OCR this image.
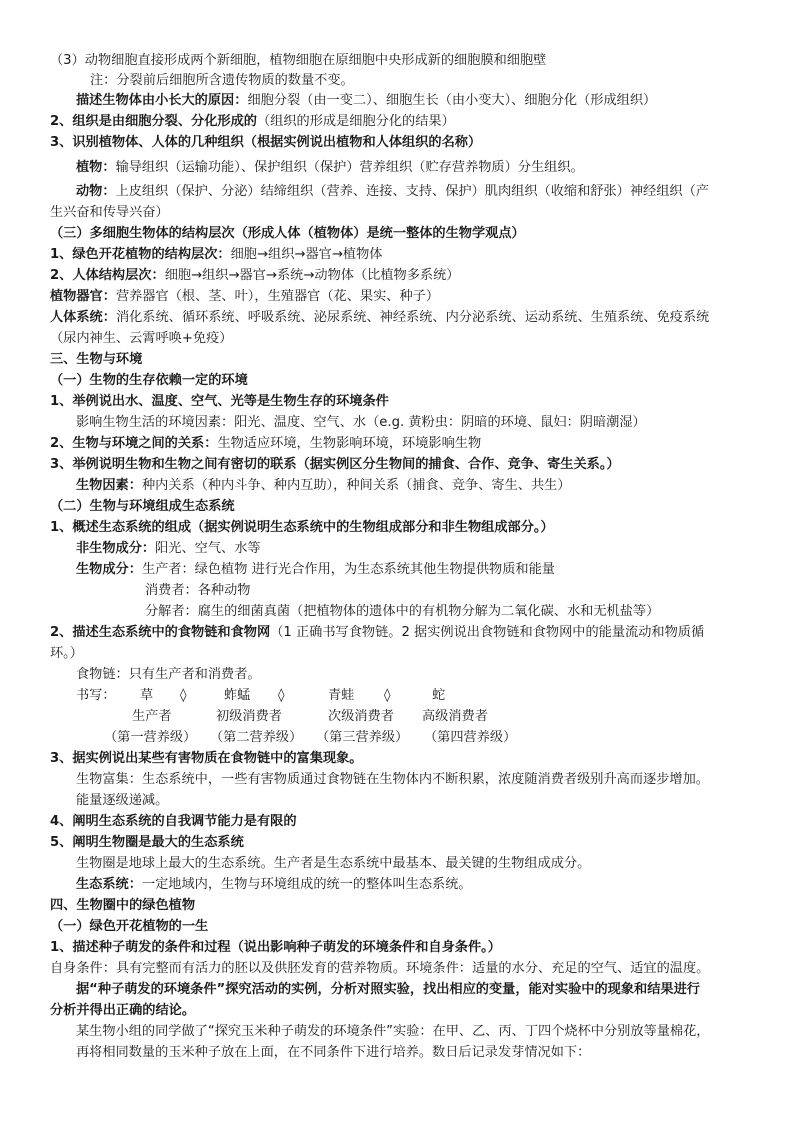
（3）动物细胞直接形成两个新细胞，植物细胞在原细胞中央形成新的细胞膜和细胞壁
注：分裂前后细胞所含遗传物质的数量不变。
描述生物体由小长大的原因：细胞分裂（由一变二）、细胞生长（由小变大）、细胞分化（形成组织）
2、组织是由细胞分裂、分化形成的（组织的形成是细胞分化的结果）
3、识别植物体、人体的几种组织（根据实例说出植物和人体组织的名称）
植物：输导组织（运输功能）、保护组织（保护）营养组织（贮存营养物质）分生组织。
动物：上皮组织（保护、分泌）结缔组织（营养、连接、支持、保护）肌肉组织（收缩和舒张）神经组织（产
生兴奋和传导兴奋）
（三）多细胞生物体的结构层次（形成人体（植物体）是统一整体的生物学观点）
1、绿色开花植物的结构层次：细胞→组织→器官→植物体
2、人体结构层次：细胞→组织→器官→系统→动物体（比植物多系统）
植物器官：营养器官（根、茎、叶），生殖器官（花、果实、种子）
人体系统：消化系统、循环系统、呼吸系统、泌尿系统、神经系统、内分泌系统、运动系统、生殖系统、免疫系统
（尿内神生、云霄呼唤+免疫）
三、生物与环境
（一）生物的生存依赖一定的环境
1、举例说出水、温度、空气、光等是生物生存的环境条件
影响生物生活的环境因素：阳光、温度、空气、水（e.g. 黄粉虫：阴暗的环境、鼠妇：阴暗潮湿）
2、生物与环境之间的关系：生物适应环境，生物影响环境，环境影响生物
3、举例说明生物和生物之间有密切的联系（据实例区分生物间的捕食、合作、竞争、寄生关系。）
生物因素：种内关系（种内斗争、种内互助），种间关系（捕食、竞争、寄生、共生）
（二）生物与环境组成生态系统
1、概述生态系统的组成（据实例说明生态系统中的生物组成部分和非生物组成部分。）
非生物成分：阳光、空气、水等
生物成分：生产者：绿色植物 进行光合作用，为生态系统其他生物提供物质和能量
消费者：各种动物
分解者：腐生的细菌真菌（把植物体的遗体中的有机物分解为二氧化碳、水和无机盐等）
2、描述生态系统中的食物链和食物网（1 正确书写食物链。2 据实例说出食物链和食物网中的能量流动和物质循
环。）
食物链：只有生产者和消费者。
书写： 草 ◊	蚱蜢 ◊	青蛙 ◊	蛇
生产者	初级消费者	次级消费者 高级消费者
（第一营养级） （第二营养级） （第三营养级） （第四营养级）
3、据实例说出某些有害物质在食物链中的富集现象。
生物富集：生态系统中，一些有害物质通过食物链在生物体内不断积累，浓度随消费者级别升高而逐步增加。
能量逐级递减。
4、阐明生态系统的自我调节能力是有限的
5、阐明生物圈是最大的生态系统
生物圈是地球上最大的生态系统。生产者是生态系统中最基本、最关键的生物组成成分。
生态系统：一定地域内，生物与环境组成的统一的整体叫生态系统。
四、生物圈中的绿色植物
（一）绿色开花植物的一生
1、描述种子萌发的条件和过程（说出影响种子萌发的环境条件和自身条件。）
自身条件：具有完整而有活力的胚以及供胚发育的营养物质。环境条件：适量的水分、充足的空气、适宜的温度。
据“种子萌发的环境条件”探究活动的实例，分析对照实验，找出相应的变量，能对实验中的现象和结果进行
分析并得出正确的结论。
某生物小组的同学做了“探究玉米种子萌发的环境条件”实验：在甲、乙、丙、丁四个烧杯中分别放等量棉花，
再将相同数量的玉米种子放在上面，在不同条件下进行培养。数日后记录发芽情况如下：
